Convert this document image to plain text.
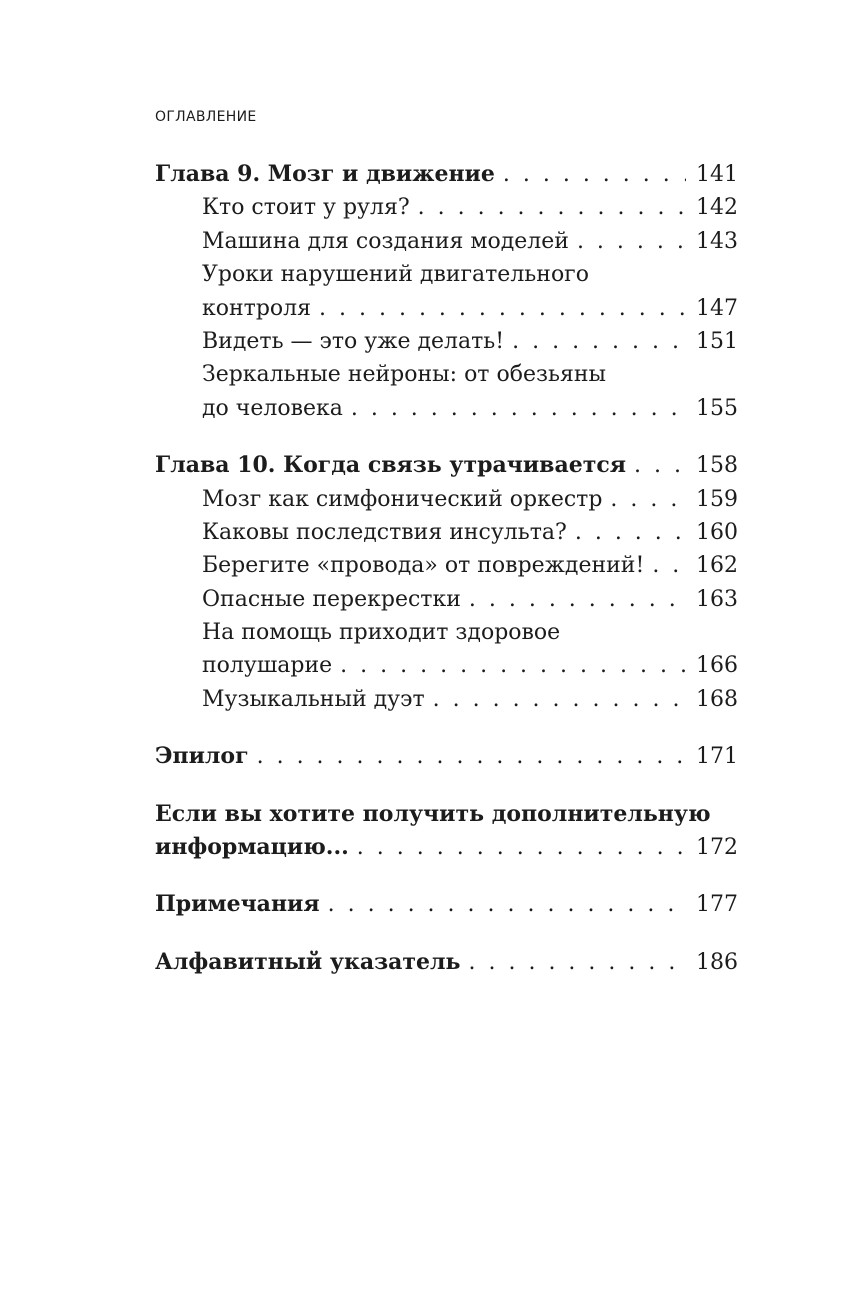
ОГЛАВЛЕНИЕ
Глава 9. Мозг и движение . . .	141
Кто стоит у руля? . . .	142
Машина для создания моделей . . .	143
Уроки нарушений двигательного
контроля . . .	147
Видеть — это уже делать! . . .	151
Зеркальные нейроны: от обезьяны
до человека . . .	155
Глава 10. Когда связь утрачивается . . .	158
Мозг как симфонический оркестр . . .	159
Каковы последствия инсульта? . . .	160
Берегите «провода» от повреждений! . . . 162
Опасные перекрестки . . .	163
На помощь приходит здоровое
полушарие . . .	166
Музыкальный дуэт . . .	168
Эпилог . . .	171
Если вы хотите получить дополнительную
информацию... . . .	172
Примечания . . .	177
Алфавитный указатель . . .	186
